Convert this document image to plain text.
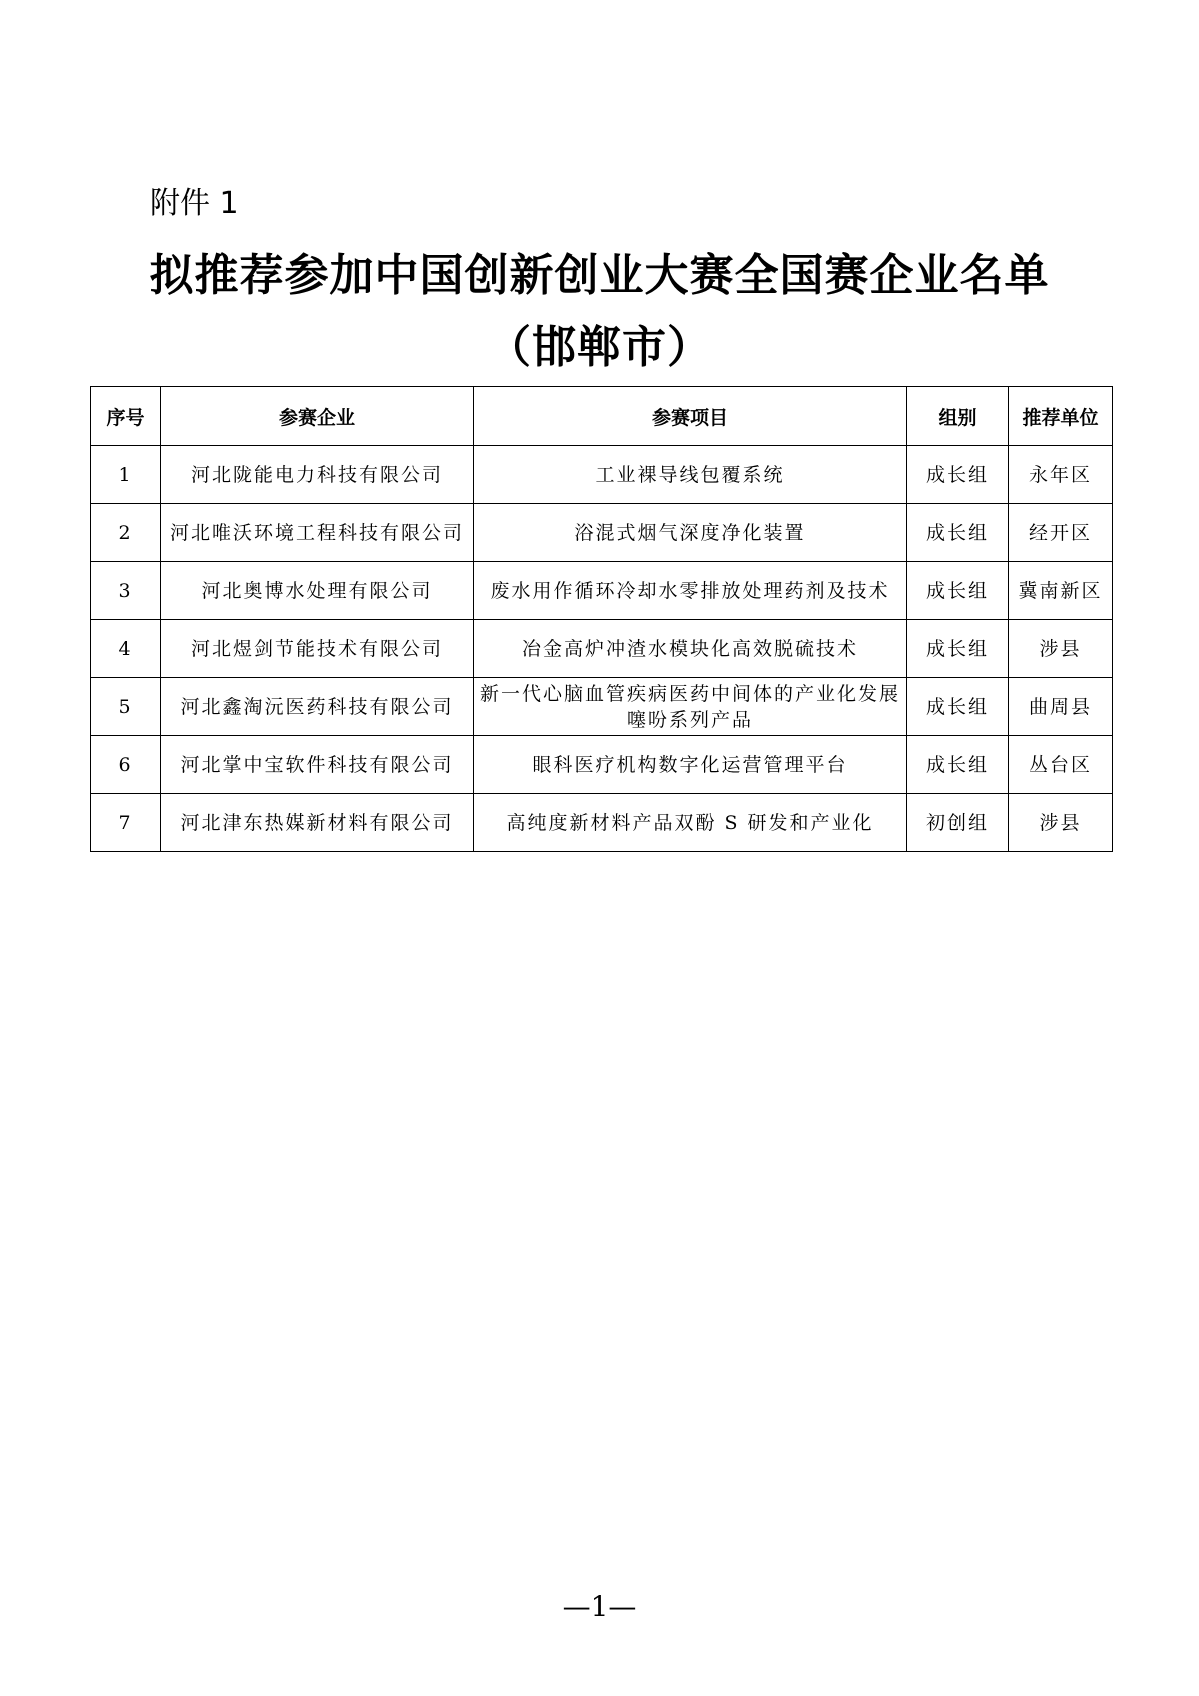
附件 1
拟推荐参加中国创新创业大赛全国赛企业名单
（邯郸市）
序号	参赛企业	参赛项目	组别	推荐单位
1	河北陇能电力科技有限公司	工业裸导线包覆系统	成长组	永年区
2	河北唯沃环境工程科技有限公司	浴混式烟气深度净化装置	成长组	经开区
3	河北奥博水处理有限公司	废水用作循环冷却水零排放处理药剂及技术	成长组	冀南新区
4	河北煜剑节能技术有限公司	冶金高炉冲渣水模块化高效脱硫技术	成长组	涉县
5	河北鑫淘沅医药科技有限公司	新一代心脑血管疾病医药中间体的产业化发展噻吩系列产品	成长组	曲周县
6	河北掌中宝软件科技有限公司	眼科医疗机构数字化运营管理平台	成长组	丛台区
7	河北津东热媒新材料有限公司	高纯度新材料产品双酚 S 研发和产业化	初创组	涉县
—1—
